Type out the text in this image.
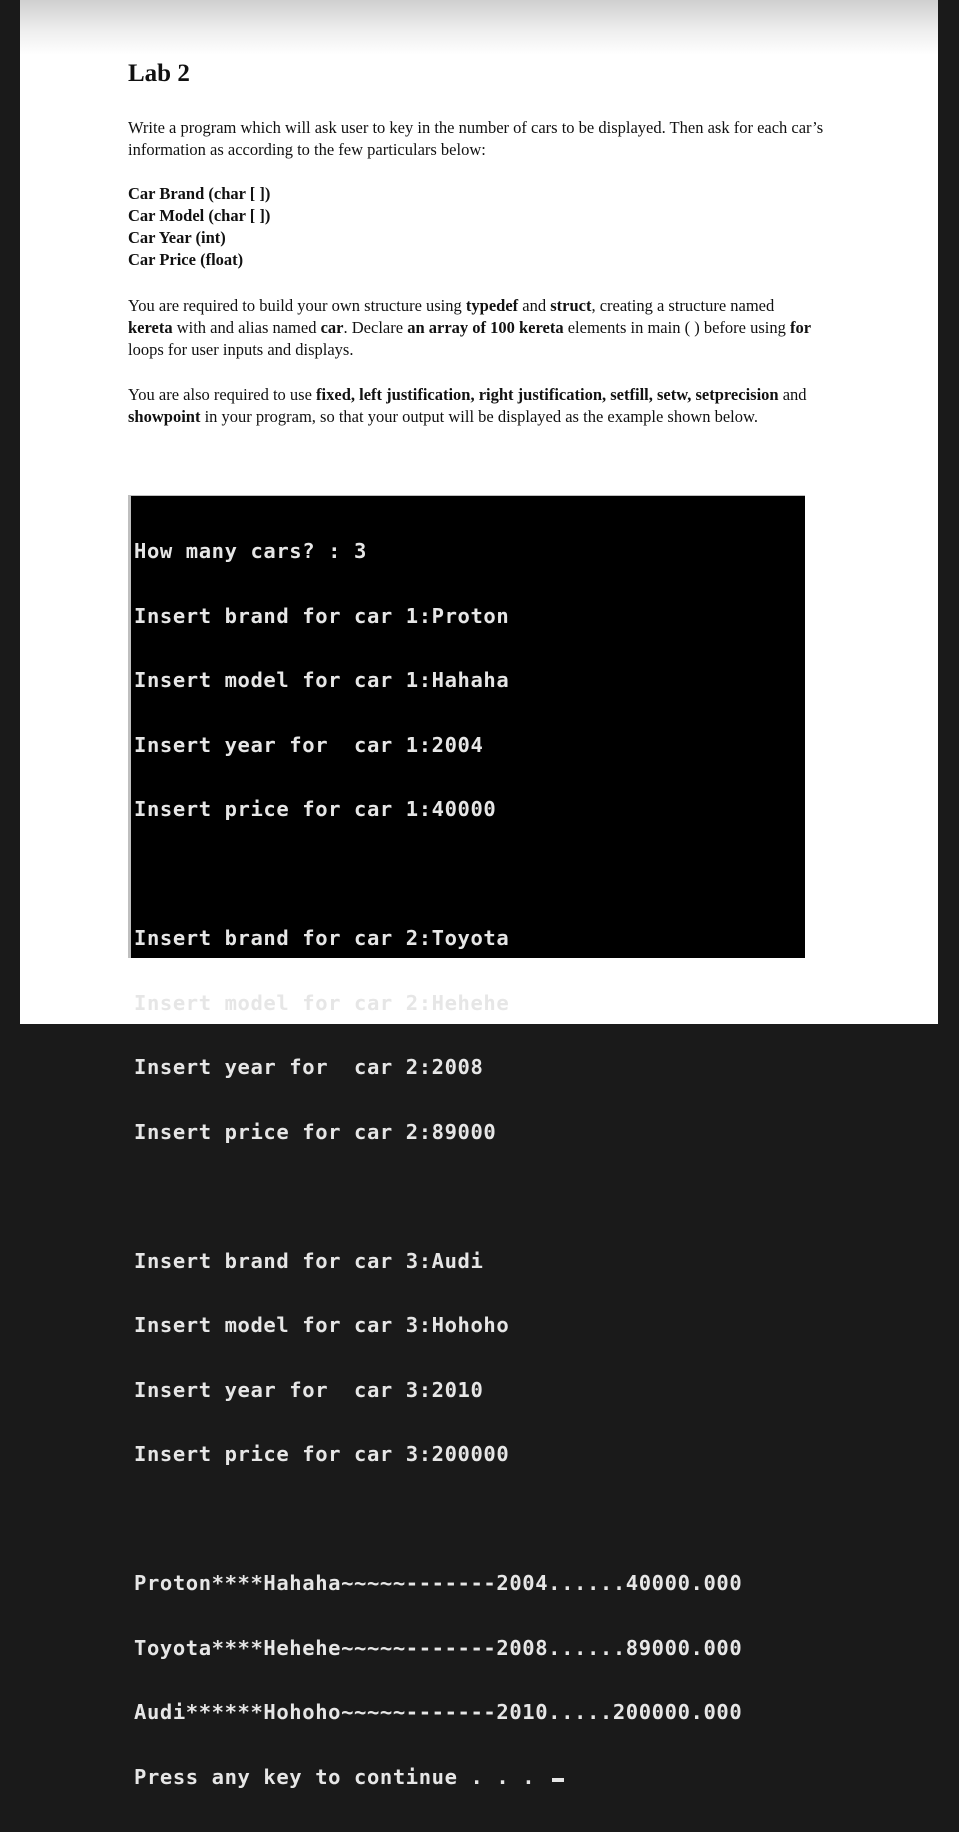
Lab 2

Write a program which will ask user to key in the number of cars to be displayed. Then ask for each car’s information as according to the few particulars below:

Car Brand (char [ ])
Car Model (char [ ])
Car Year (int)
Car Price (float)

You are required to build your own structure using typedef and struct, creating a structure named kereta with and alias named car. Declare an array of 100 kereta elements in main ( ) before using for loops for user inputs and displays.

You are also required to use fixed, left justification, right justification, setfill, setw, setprecision and showpoint in your program, so that your output will be displayed as the example shown below.

How many cars? : 3

Insert brand for car 1:Proton

Insert model for car 1:Hahaha

Insert year for  car 1:2004

Insert price for car 1:40000

Insert brand for car 2:Toyota

Insert model for car 2:Hehehe

Insert year for  car 2:2008

Insert price for car 2:89000

Insert brand for car 3:Audi

Insert model for car 3:Hohoho

Insert year for  car 3:2010

Insert price for car 3:200000

Proton****Hahaha~~~~~-------2004......40000.000

Toyota****Hehehe~~~~~-------2008......89000.000

Audi******Hohoho~~~~~-------2010.....200000.000

Press any key to continue . . .
